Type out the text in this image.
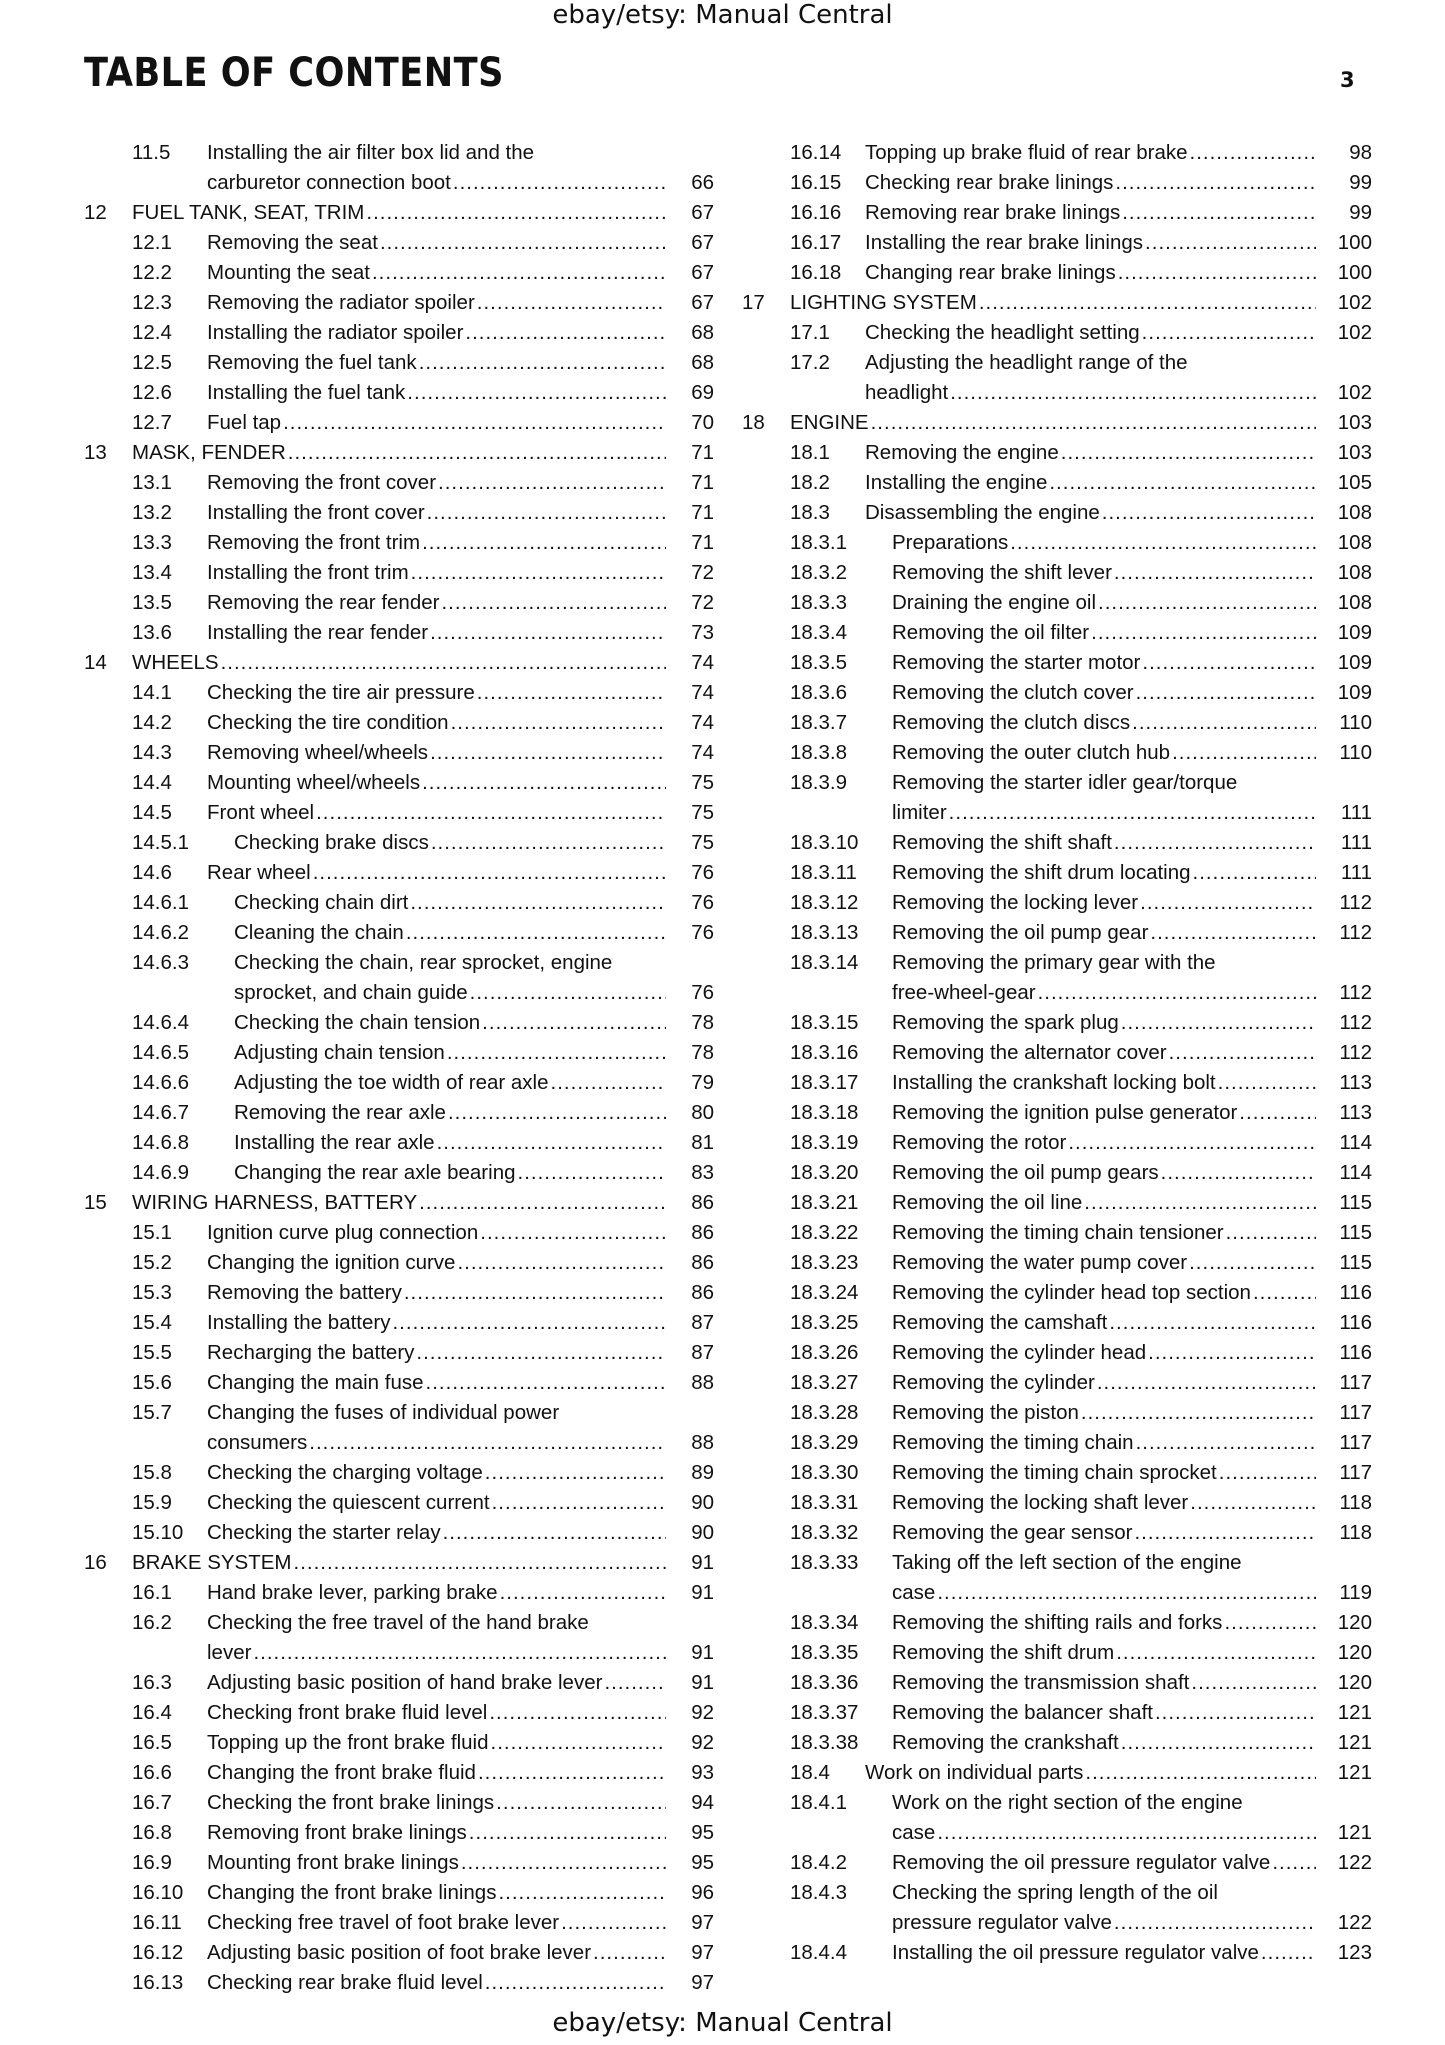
ebay/etsy: Manual Central
TABLE OF CONTENTS	3
11.5	Installing the air filter box lid and the
carburetor connection boot .....	66
12	FUEL TANK, SEAT, TRIM .....	67
12.1	Removing the seat .....	67
12.2	Mounting the seat .....	67
12.3	Removing the radiator spoiler .....	67
12.4	Installing the radiator spoiler .....	68
12.5	Removing the fuel tank .....	68
12.6	Installing the fuel tank .....	69
12.7	Fuel tap .....	70
13	MASK, FENDER .....	71
13.1	Removing the front cover .....	71
13.2	Installing the front cover .....	71
13.3	Removing the front trim .....	71
13.4	Installing the front trim .....	72
13.5	Removing the rear fender .....	72
13.6	Installing the rear fender .....	73
14	WHEELS .....	74
14.1	Checking the tire air pressure .....	74
14.2	Checking the tire condition .....	74
14.3	Removing wheel/wheels .....	74
14.4	Mounting wheel/wheels .....	75
14.5	Front wheel .....	75
14.5.1	Checking brake discs .....	75
14.6	Rear wheel .....	76
14.6.1	Checking chain dirt .....	76
14.6.2	Cleaning the chain .....	76
14.6.3	Checking the chain, rear sprocket, engine
sprocket, and chain guide .....	76
14.6.4	Checking the chain tension .....	78
14.6.5	Adjusting chain tension .....	78
14.6.6	Adjusting the toe width of rear axle .....	79
14.6.7	Removing the rear axle .....	80
14.6.8	Installing the rear axle .....	81
14.6.9	Changing the rear axle bearing .....	83
15	WIRING HARNESS, BATTERY .....	86
15.1	Ignition curve plug connection .....	86
15.2	Changing the ignition curve .....	86
15.3	Removing the battery .....	86
15.4	Installing the battery .....	87
15.5	Recharging the battery .....	87
15.6	Changing the main fuse .....	88
15.7	Changing the fuses of individual power
consumers .....	88
15.8	Checking the charging voltage .....	89
15.9	Checking the quiescent current .....	90
15.10	Checking the starter relay .....	90
16	BRAKE SYSTEM .....	91
16.1	Hand brake lever, parking brake .....	91
16.2	Checking the free travel of the hand brake
lever .....	91
16.3	Adjusting basic position of hand brake lever .....	91
16.4	Checking front brake fluid level .....	92
16.5	Topping up the front brake fluid .....	92
16.6	Changing the front brake fluid .....	93
16.7	Checking the front brake linings .....	94
16.8	Removing front brake linings .....	95
16.9	Mounting front brake linings .....	95
16.10	Changing the front brake linings .....	96
16.11	Checking free travel of foot brake lever .....	97
16.12	Adjusting basic position of foot brake lever .....	97
16.13	Checking rear brake fluid level .....	97
16.14	Topping up brake fluid of rear brake .....	98
16.15	Checking rear brake linings .....	99
16.16	Removing rear brake linings .....	99
16.17	Installing the rear brake linings .....	100
16.18	Changing rear brake linings .....	100
17	LIGHTING SYSTEM .....	102
17.1	Checking the headlight setting .....	102
17.2	Adjusting the headlight range of the
headlight .....	102
18	ENGINE .....	103
18.1	Removing the engine .....	103
18.2	Installing the engine .....	105
18.3	Disassembling the engine .....	108
18.3.1	Preparations .....	108
18.3.2	Removing the shift lever .....	108
18.3.3	Draining the engine oil .....	108
18.3.4	Removing the oil filter .....	109
18.3.5	Removing the starter motor .....	109
18.3.6	Removing the clutch cover .....	109
18.3.7	Removing the clutch discs .....	110
18.3.8	Removing the outer clutch hub .....	110
18.3.9	Removing the starter idler gear/torque
limiter .....	111
18.3.10	Removing the shift shaft .....	111
18.3.11	Removing the shift drum locating .....	111
18.3.12	Removing the locking lever .....	112
18.3.13	Removing the oil pump gear .....	112
18.3.14	Removing the primary gear with the
free-wheel-gear .....	112
18.3.15	Removing the spark plug .....	112
18.3.16	Removing the alternator cover .....	112
18.3.17	Installing the crankshaft locking bolt .....	113
18.3.18	Removing the ignition pulse generator .....	113
18.3.19	Removing the rotor .....	114
18.3.20	Removing the oil pump gears .....	114
18.3.21	Removing the oil line .....	115
18.3.22	Removing the timing chain tensioner .....	115
18.3.23	Removing the water pump cover .....	115
18.3.24	Removing the cylinder head top section .....	116
18.3.25	Removing the camshaft .....	116
18.3.26	Removing the cylinder head .....	116
18.3.27	Removing the cylinder .....	117
18.3.28	Removing the piston .....	117
18.3.29	Removing the timing chain .....	117
18.3.30	Removing the timing chain sprocket .....	117
18.3.31	Removing the locking shaft lever .....	118
18.3.32	Removing the gear sensor .....	118
18.3.33	Taking off the left section of the engine
case .....	119
18.3.34	Removing the shifting rails and forks .....	120
18.3.35	Removing the shift drum .....	120
18.3.36	Removing the transmission shaft .....	120
18.3.37	Removing the balancer shaft .....	121
18.3.38	Removing the crankshaft .....	121
18.4	Work on individual parts .....	121
18.4.1	Work on the right section of the engine
case .....	121
18.4.2	Removing the oil pressure regulator valve .....	122
18.4.3	Checking the spring length of the oil
pressure regulator valve .....	122
18.4.4	Installing the oil pressure regulator valve .....	123
ebay/etsy: Manual Central
